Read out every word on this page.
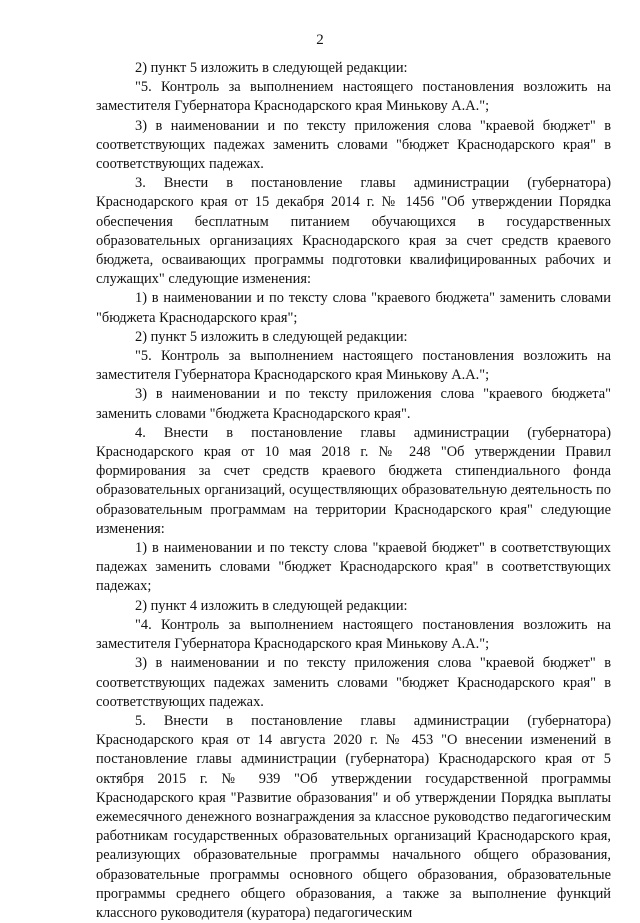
2

2) пункт 5 изложить в следующей редакции:

"5. Контроль за выполнением настоящего постановления возложить на заместителя Губернатора Краснодарского края Минькову А.А.";

3) в наименовании и по тексту приложения слова "краевой бюджет" в соответствующих падежах заменить словами "бюджет Краснодарского края" в соответствующих падежах.

3. Внести в постановление главы администрации (губернатора) Краснодарского края от 15 декабря 2014 г. № 1456 "Об утверждении Порядка обеспечения бесплатным питанием обучающихся в государственных образовательных организациях Краснодарского края за счет средств краевого бюджета, осваивающих программы подготовки квалифицированных рабочих и служащих" следующие изменения:

1) в наименовании и по тексту слова "краевого бюджета" заменить словами "бюджета Краснодарского края";

2) пункт 5 изложить в следующей редакции:

"5. Контроль за выполнением настоящего постановления возложить на заместителя Губернатора Краснодарского края Минькову А.А.";

3) в наименовании и по тексту приложения слова "краевого бюджета" заменить словами "бюджета Краснодарского края".

4. Внести в постановление главы администрации (губернатора) Краснодарского края от 10 мая 2018 г. № 248 "Об утверждении Правил формирования за счет средств краевого бюджета стипендиального фонда образовательных организаций, осуществляющих образовательную деятельность по образовательным программам на территории Краснодарского края" следующие изменения:

1) в наименовании и по тексту слова "краевой бюджет" в соответствующих падежах заменить словами "бюджет Краснодарского края" в соответствующих падежах;

2) пункт 4 изложить в следующей редакции:

"4. Контроль за выполнением настоящего постановления возложить на заместителя Губернатора Краснодарского края Минькову А.А.";

3) в наименовании и по тексту приложения слова "краевой бюджет" в соответствующих падежах заменить словами "бюджет Краснодарского края" в соответствующих падежах.

5. Внести в постановление главы администрации (губернатора) Краснодарского края от 14 августа 2020 г. № 453 "О внесении изменений в постановление главы администрации (губернатора) Краснодарского края от 5 октября 2015 г. № 939 "Об утверждении государственной программы Краснодарского края "Развитие образования" и об утверждении Порядка выплаты ежемесячного денежного вознаграждения за классное руководство педагогическим работникам государственных образовательных организаций Краснодарского края, реализующих образовательные программы начального общего образования, образовательные программы основного общего образования, образовательные программы среднего общего образования, а также за выполнение функций классного руководителя (куратора) педагогическим
